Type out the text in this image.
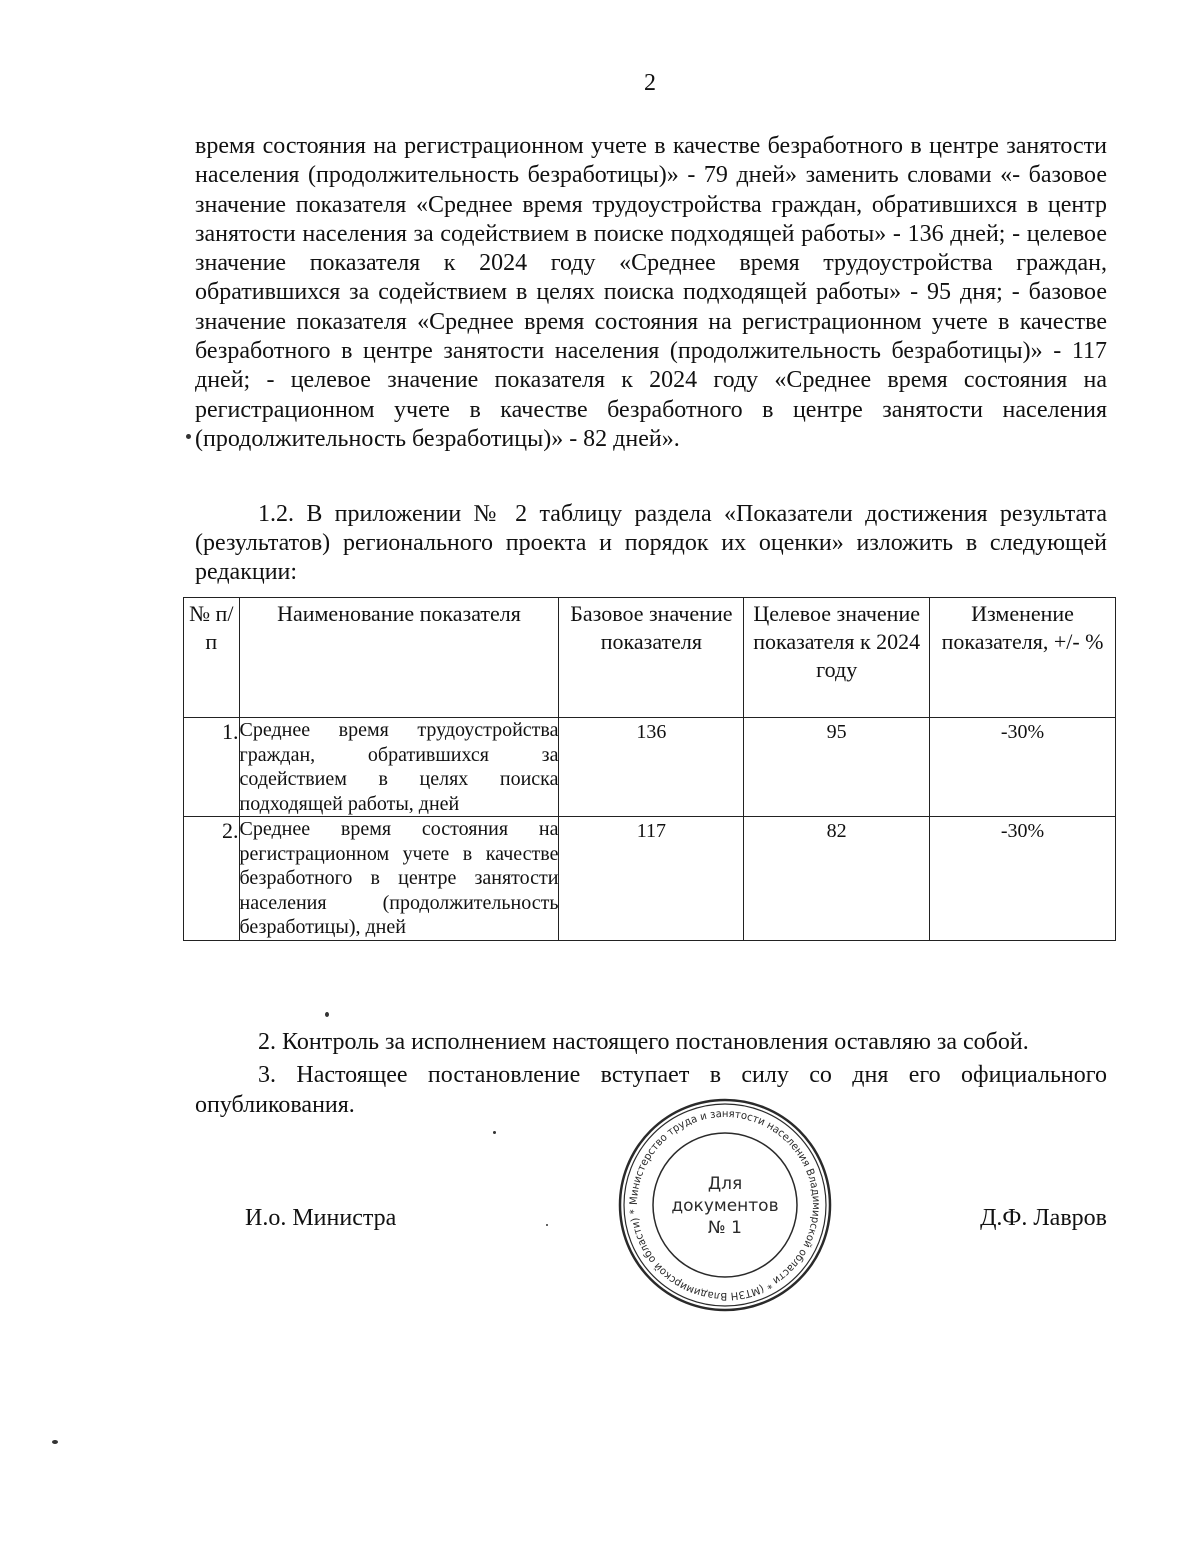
2
время состояния на регистрационном учете в качестве безработного в центре занятости населения (продолжительность безработицы)» - 79 дней» заменить словами «- базовое значение показателя «Среднее время трудоустройства граждан, обратившихся в центр занятости населения за содействием в поиске подходящей работы» - 136 дней; - целевое значение показателя к 2024 году «Среднее время трудоустройства граждан, обратившихся за содействием в целях поиска подходящей работы» - 95 дня; - базовое значение показателя «Среднее время состояния на регистрационном учете в качестве безработного в центре занятости населения (продолжительность безработицы)» - 117 дней; - целевое значение показателя к 2024 году «Среднее время состояния на регистрационном учете в качестве безработного в центре занятости населения (продолжительность безработицы)» - 82 дней».
1.2. В приложении № 2 таблицу раздела «Показатели достижения результата (результатов) регионального проекта и порядок их оценки» изложить в следующей редакции:
№ п/п	Наименование показателя	Базовое значение показателя	Целевое значение показателя к 2024 году	Изменение показателя, +/- %
1.	Среднее время трудоустройства граждан, обратившихся за содействием в целях поиска подходящей работы, дней	136	95	-30%
2.	Среднее время состояния на регистрационном учете в качестве безработного в центре занятости населения (продолжительность безработицы), дней	117	82	-30%
2. Контроль за исполнением настоящего постановления оставляю за собой.
3. Настоящее постановление вступает в силу со дня его официального опубликования.
И.о. Министра	Д.Ф. Лавров
Министерство труда и занятости населения Владимирской области * (МТЗН Владимирской области) *
Для
документов
№ 1
